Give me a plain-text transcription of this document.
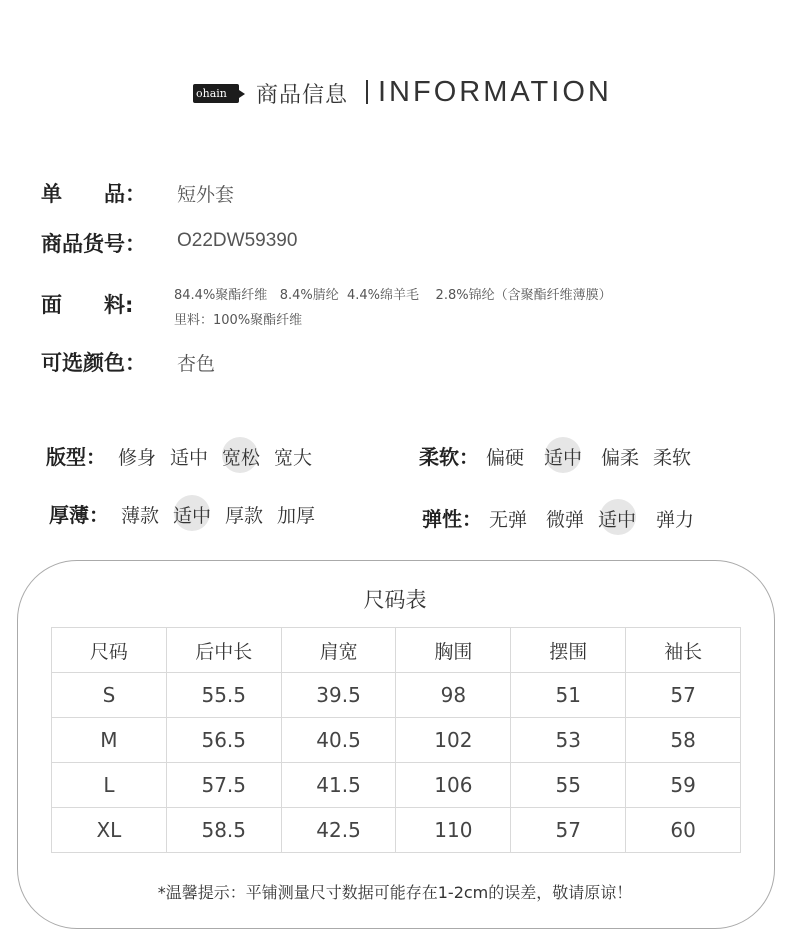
ohain	商品信息 INFORMATION
单　　品： 短外套
商品货号： O22DW59390
面　　料:	84.4%聚酯纤维   8.4%腈纶  4.4%绵羊毛    2.8%锦纶（含聚酯纤维薄膜）
里料：100%聚酯纤维
可选颜色： 杏色
版型： 修身 适中 宽松 宽大	柔软： 偏硬 适中 偏柔 柔软
厚薄： 薄款 适中 厚款 加厚	弹性： 无弹 微弹 适中 弹力
尺码表
尺码	后中长	肩宽	胸围	摆围	袖长
S	55.5	39.5	98	51	57
M	56.5	40.5	102	53	58
L	57.5	41.5	106	55	59
XL	58.5	42.5	110	57	60
*温馨提示：平铺测量尺寸数据可能存在1-2cm的误差，敬请原谅！
